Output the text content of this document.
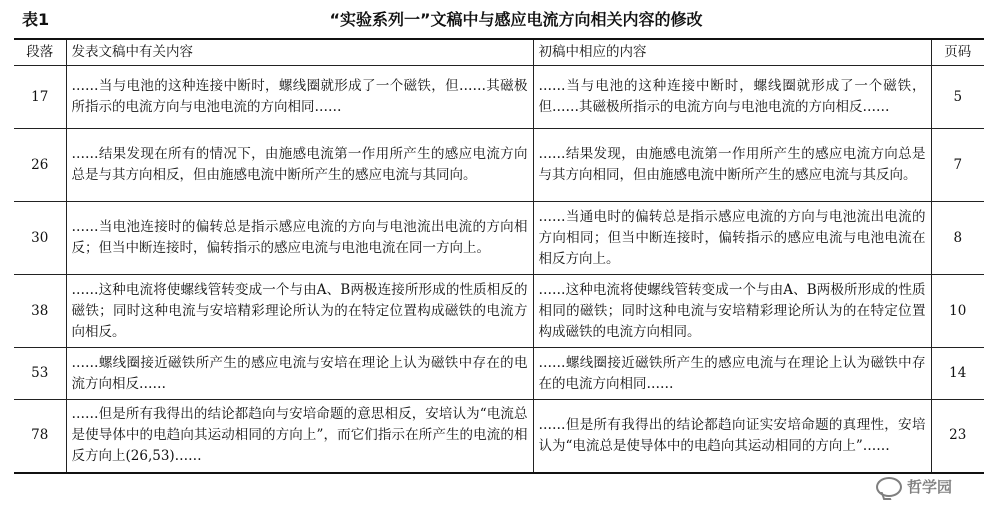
表1	“实验系列一”文稿中与感应电流方向相关内容的修改
段落	发表文稿中有关内容	初稿中相应的内容	页码
17	……当与电池的这种连接中断时，螺线圈就形成了一个磁铁，但……其磁极所指示的电流方向与电池电流的方向相同……	……当与电池的这种连接中断时，螺线圈就形成了一个磁铁，但……其磁极所指示的电流方向与电池电流的方向相反……	5
26	……结果发现在所有的情况下，由施感电流第一作用所产生的感应电流方向总是与其方向相反，但由施感电流中断所产生的感应电流与其同向。	……结果发现，由施感电流第一作用所产生的感应电流方向总是与其方向相同，但由施感电流中断所产生的感应电流与其反向。	7
30	……当电池连接时的偏转总是指示感应电流的方向与电池流出电流的方向相反；但当中断连接时，偏转指示的感应电流与电池电流在同一方向上。	……当通电时的偏转总是指示感应电流的方向与电池流出电流的方向相同；但当中断连接时，偏转指示的感应电流与电池电流在相反方向上。	8
38	……这种电流将使螺线管转变成一个与由A、B两极连接所形成的性质相反的磁铁；同时这种电流与安培精彩理论所认为的在特定位置构成磁铁的电流方向相反。	……这种电流将使螺线管转变成一个与由A、B两极所形成的性质相同的磁铁；同时这种电流与安培精彩理论所认为的在特定位置构成磁铁的电流方向相同。	10
53	……螺线圈接近磁铁所产生的感应电流与安培在理论上认为磁铁中存在的电流方向相反……	……螺线圈接近磁铁所产生的感应电流与在理论上认为磁铁中存在的电流方向相同……	14
78	……但是所有我得出的结论都趋向与安培命题的意思相反，安培认为“电流总是使导体中的电趋向其运动相同的方向上”，而它们指示在所产生的电流的相反方向上(26,53)……	……但是所有我得出的结论都趋向证实安培命题的真理性，安培认为“电流总是使导体中的电趋向其运动相同的方向上”……	23
哲学园
